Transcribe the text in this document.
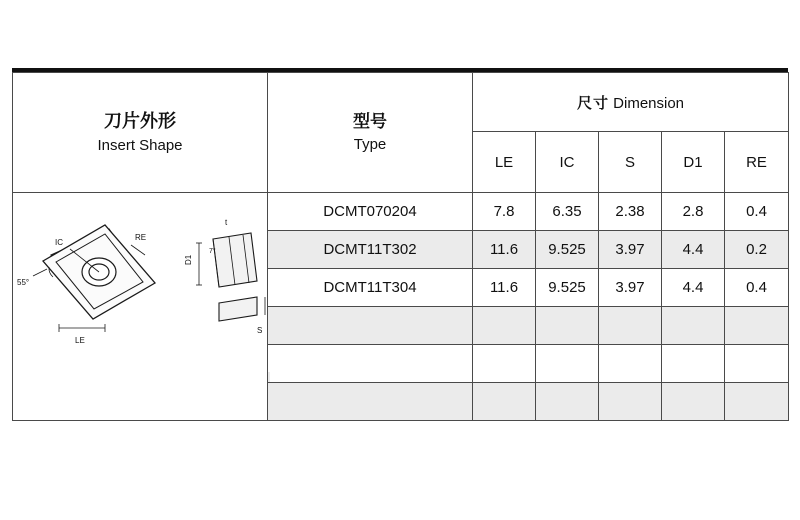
刀片外形
Insert Shape	型号
Type	尺寸 Dimension				
		LE	IC	S	D1	RE

IC
RE
55°
LE
D1
S
t
7°
	DCMT070204	7.8	6.35	2.38	2.8	0.4
	DCMT11T302	11.6	9.525	3.97	4.4	0.2
	DCMT11T304	11.6	9.525	3.97	4.4	0.4
